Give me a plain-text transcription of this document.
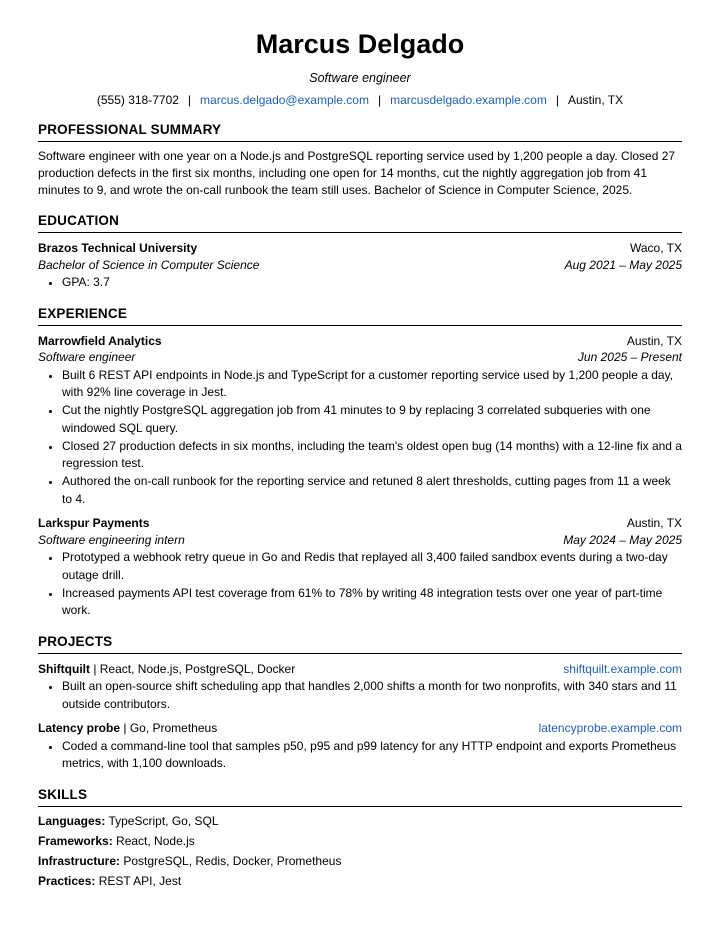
Marcus Delgado
Software engineer
(555) 318-7702 | marcus.delgado@example.com | marcusdelgado.example.com | Austin, TX
PROFESSIONAL SUMMARY
Software engineer with one year on a Node.js and PostgreSQL reporting service used by 1,200 people a day. Closed 27 production defects in the first six months, including one open for 14 months, cut the nightly aggregation job from 41 minutes to 9, and wrote the on-call runbook the team still uses. Bachelor of Science in Computer Science, 2025.
EDUCATION
Brazos Technical University	Waco, TX
Bachelor of Science in Computer Science	Aug 2021 – May 2025
• GPA: 3.7
EXPERIENCE
Marrowfield Analytics	Austin, TX
Software engineer	Jun 2025 – Present
• Built 6 REST API endpoints in Node.js and TypeScript for a customer reporting service used by 1,200 people a day, with 92% line coverage in Jest.
• Cut the nightly PostgreSQL aggregation job from 41 minutes to 9 by replacing 3 correlated subqueries with one windowed SQL query.
• Closed 27 production defects in six months, including the team's oldest open bug (14 months) with a 12-line fix and a regression test.
• Authored the on-call runbook for the reporting service and retuned 8 alert thresholds, cutting pages from 11 a week to 4.
Larkspur Payments	Austin, TX
Software engineering intern	May 2024 – May 2025
• Prototyped a webhook retry queue in Go and Redis that replayed all 3,400 failed sandbox events during a two-day outage drill.
• Increased payments API test coverage from 61% to 78% by writing 48 integration tests over one year of part-time work.
PROJECTS
Shiftquilt | React, Node.js, PostgreSQL, Docker	shiftquilt.example.com
• Built an open-source shift scheduling app that handles 2,000 shifts a month for two nonprofits, with 340 stars and 11 outside contributors.
Latency probe | Go, Prometheus	latencyprobe.example.com
• Coded a command-line tool that samples p50, p95 and p99 latency for any HTTP endpoint and exports Prometheus metrics, with 1,100 downloads.
SKILLS
Languages: TypeScript, Go, SQL
Frameworks: React, Node.js
Infrastructure: PostgreSQL, Redis, Docker, Prometheus
Practices: REST API, Jest
